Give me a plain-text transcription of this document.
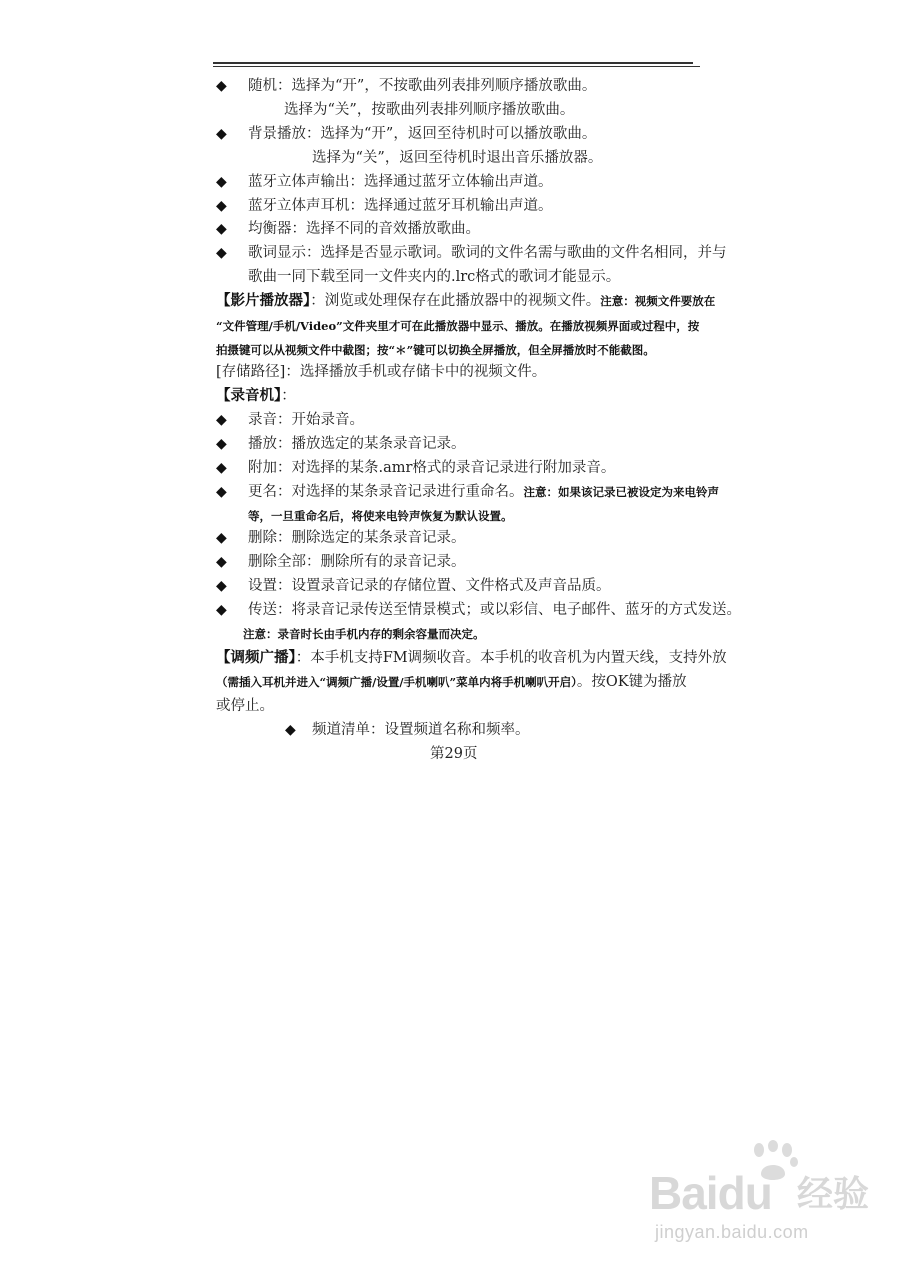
◆ 随机：选择为“开”，不按歌曲列表排列顺序播放歌曲。
选择为“关”，按歌曲列表排列顺序播放歌曲。
◆ 背景播放：选择为“开”，返回至待机时可以播放歌曲。
选择为“关”，返回至待机时退出音乐播放器。
◆ 蓝牙立体声输出：选择通过蓝牙立体输出声道。
◆ 蓝牙立体声耳机：选择通过蓝牙耳机输出声道。
◆ 均衡器：选择不同的音效播放歌曲。
◆ 歌词显示：选择是否显示歌词。歌词的文件名需与歌曲的文件名相同，并与
歌曲一同下载至同一文件夹内的.lrc格式的歌词才能显示。
【影片播放器】：浏览或处理保存在此播放器中的视频文件。注意：视频文件要放在
“文件管理/手机/Video”文件夹里才可在此播放器中显示、播放。在播放视频界面或过程中，按
拍摄键可以从视频文件中截图；按“＊”键可以切换全屏播放，但全屏播放时不能截图。
[存储路径]：选择播放手机或存储卡中的视频文件。
【录音机】：
◆ 录音：开始录音。
◆ 播放：播放选定的某条录音记录。
◆ 附加：对选择的某条.amr格式的录音记录进行附加录音。
◆ 更名：对选择的某条录音记录进行重命名。注意：如果该记录已被设定为来电铃声
等，一旦重命名后，将使来电铃声恢复为默认设置。
◆ 删除：删除选定的某条录音记录。
◆ 删除全部：删除所有的录音记录。
◆ 设置：设置录音记录的存储位置、文件格式及声音品质。
◆ 传送：将录音记录传送至情景模式；或以彩信、电子邮件、蓝牙的方式发送。
注意：录音时长由手机内存的剩余容量而决定。
【调频广播】：本手机支持FM调频收音。本手机的收音机为内置天线，支持外放
（需插入耳机并进入“调频广播/设置/手机喇叭”菜单内将手机喇叭开启）。按OK键为播放
或停止。
◆ 频道清单：设置频道名称和频率。
第29页
Baidu 经验
jingyan.baidu.com
